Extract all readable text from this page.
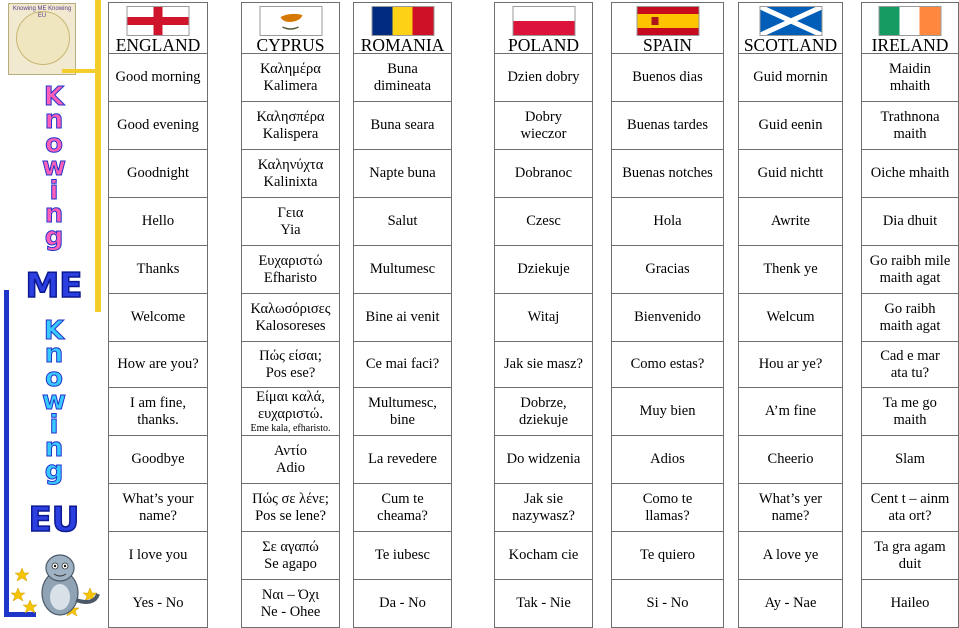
Knowing ME Knowing EU
K
n
o
w
i
n
g
ME
K
n
o
w
i
n
g
EU
ENGLAND
Good morning
Good evening
Goodnight
Hello
Thanks
Welcome
How are you?
I am fine,
thanks.
Goodbye
What’s your
name?
I love you
Yes - No
CYPRUS
Καλημέρα
Kalimera
Καλησπέρα
Kalispera
Καληνύχτα
Kalinixta
Γεια
Yia
Ευχαριστώ
Efharisto
Καλωσόρισες
Kalosoreses
Πώς είσαι;
Pos ese?
Είμαι καλά,
ευχαριστώ.
Eme kala, efharisto.
Αντίο
Adio
Πώς σε λένε;
Pos se lene?
Σε αγαπώ
Se agapo
Ναι – Όχι
Ne - Ohee
ROMANIA
Buna
dimineata
Buna seara
Napte buna
Salut
Multumesc
Bine ai venit
Ce mai faci?
Multumesc,
bine
La revedere
Cum te
cheama?
Te iubesc
Da - No
POLAND
Dzien dobry
Dobry
wieczor
Dobranoc
Czesc
Dziekuje
Witaj
Jak sie masz?
Dobrze,
dziekuje
Do widzenia
Jak sie
nazywasz?
Kocham cie
Tak - Nie
SPAIN
Buenos dias
Buenas tardes
Buenas notches
Hola
Gracias
Bienvenido
Como estas?
Muy bien
Adios
Como te
llamas?
Te quiero
Si - No
SCOTLAND
Guid mornin
Guid eenin
Guid nichtt
Awrite
Thenk ye
Welcum
Hou ar ye?
A’m fine
Cheerio
What’s yer
name?
A love ye
Ay - Nae
IRELAND
Maidin
mhaith
Trathnona
maith
Oiche mhaith
Dia dhuit
Go raibh mile
maith agat
Go raibh
maith agat
Cad e mar
ata tu?
Ta me go
maith
Slam
Cent t – ainm
ata ort?
Ta gra agam
duit
Haileo
